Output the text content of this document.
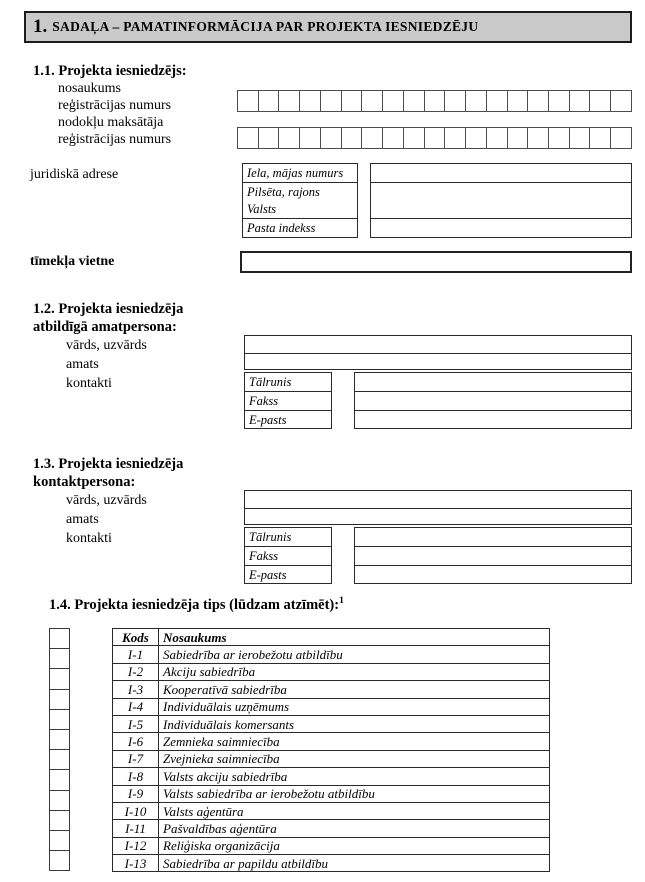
1. SADAĻA – PAMATINFORMĀCIJA PAR PROJEKTA IESNIEDZĒJU
1.1. Projekta iesniedzējs:
nosaukums
reģistrācijas numurs
nodokļu maksātāja
reģistrācijas numurs
juridiskā adrese	Iela, mājas numurs
Pilsēta, rajons
Valsts
Pasta indekss
tīmekļa vietne
1.2. Projekta iesniedzēja
atbildīgā amatpersona:
vārds, uzvārds
amats
kontakti	Tālrunis
Fakss
E-pasts
1.3. Projekta iesniedzēja
kontaktpersona:
vārds, uzvārds
amats
kontakti	Tālrunis
Fakss
E-pasts
1.4. Projekta iesniedzēja tips (lūdzam atzīmēt):$^1$
Kods	Nosaukums
I-1	Sabiedrība ar ierobežotu atbildību
I-2	Akciju sabiedrība
I-3	Kooperatīvā sabiedrība
I-4	Individuālais uzņēmums
I-5	Individuālais komersants
I-6	Zemnieka saimniecība
I-7	Zvejnieka saimniecība
I-8	Valsts akciju sabiedrība
I-9	Valsts sabiedrība ar ierobežotu atbildību
I-10	Valsts aģentūra
I-11	Pašvaldības aģentūra
I-12	Reliģiska organizācija
I-13	Sabiedrība ar papildu atbildību
